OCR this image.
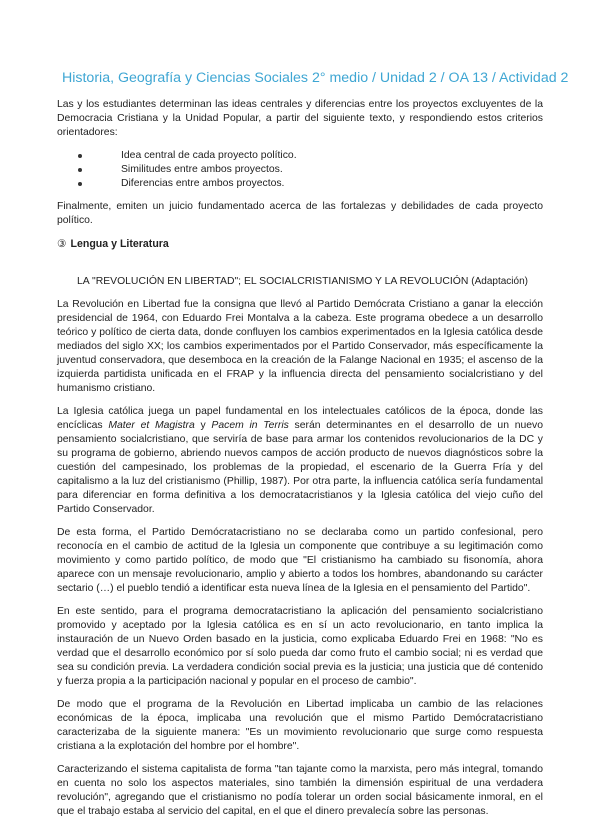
Historia, Geografía y Ciencias Sociales 2° medio / Unidad 2 / OA 13 / Actividad 2

Las y los estudiantes determinan las ideas centrales y diferencias entre los proyectos excluyentes de la Democracia Cristiana y la Unidad Popular, a partir del siguiente texto, y respondiendo estos criterios orientadores:

Idea central de cada proyecto político.
Similitudes entre ambos proyectos.
Diferencias entre ambos proyectos.

Finalmente, emiten un juicio fundamentado acerca de las fortalezas y debilidades de cada proyecto político.

③ Lengua y Literatura
LA "REVOLUCIÓN EN LIBERTAD"; EL SOCIALCRISTIANISMO Y LA REVOLUCIÓN (Adaptación)

La Revolución en Libertad fue la consigna que llevó al Partido Demócrata Cristiano a ganar la elección presidencial de 1964, con Eduardo Frei Montalva a la cabeza. Este programa obedece a un desarrollo teórico y político de cierta data, donde confluyen los cambios experimentados en la Iglesia católica desde mediados del siglo XX; los cambios experimentados por el Partido Conservador, más específicamente la juventud conservadora, que desemboca en la creación de la Falange Nacional en 1935; el ascenso de la izquierda partidista unificada en el FRAP y la influencia directa del pensamiento socialcristiano y del humanismo cristiano.

La Iglesia católica juega un papel fundamental en los intelectuales católicos de la época, donde las encíclicas Mater et Magistra y Pacem in Terris serán determinantes en el desarrollo de un nuevo pensamiento socialcristiano, que serviría de base para armar los contenidos revolucionarios de la DC y su programa de gobierno, abriendo nuevos campos de acción producto de nuevos diagnósticos sobre la cuestión del campesinado, los problemas de la propiedad, el escenario de la Guerra Fría y del capitalismo a la luz del cristianismo (Phillip, 1987). Por otra parte, la influencia católica sería fundamental para diferenciar en forma definitiva a los democratacristianos y la Iglesia católica del viejo cuño del Partido Conservador.

De esta forma, el Partido Demócratacristiano no se declaraba como un partido confesional, pero reconocía en el cambio de actitud de la Iglesia un componente que contribuye a su legitimación como movimiento y como partido político, de modo que "El cristianismo ha cambiado su fisonomía, ahora aparece con un mensaje revolucionario, amplio y abierto a todos los hombres, abandonando su carácter sectario (…) el pueblo tendió a identificar esta nueva línea de la Iglesia en el pensamiento del Partido".

En este sentido, para el programa democratacristiano la aplicación del pensamiento socialcristiano promovido y aceptado por la Iglesia católica es en sí un acto revolucionario, en tanto implica la instauración de un Nuevo Orden basado en la justicia, como explicaba Eduardo Frei en 1968: "No es verdad que el desarrollo económico por sí solo pueda dar como fruto el cambio social; ni es verdad que sea su condición previa. La verdadera condición social previa es la justicia; una justicia que dé contenido y fuerza propia a la participación nacional y popular en el proceso de cambio".

De modo que el programa de la Revolución en Libertad implicaba un cambio de las relaciones económicas de la época, implicaba una revolución que el mismo Partido Demócratacristiano caracterizaba de la siguiente manera: "Es un movimiento revolucionario que surge como respuesta cristiana a la explotación del hombre por el hombre".

Caracterizando el sistema capitalista de forma "tan tajante como la marxista, pero más integral, tomando en cuenta no solo los aspectos materiales, sino también la dimensión espiritual de una verdadera revolución", agregando que el cristianismo no podía tolerar un orden social básicamente inmoral, en el que el trabajo estaba al servicio del capital, en el que el dinero prevalecía sobre las personas.
